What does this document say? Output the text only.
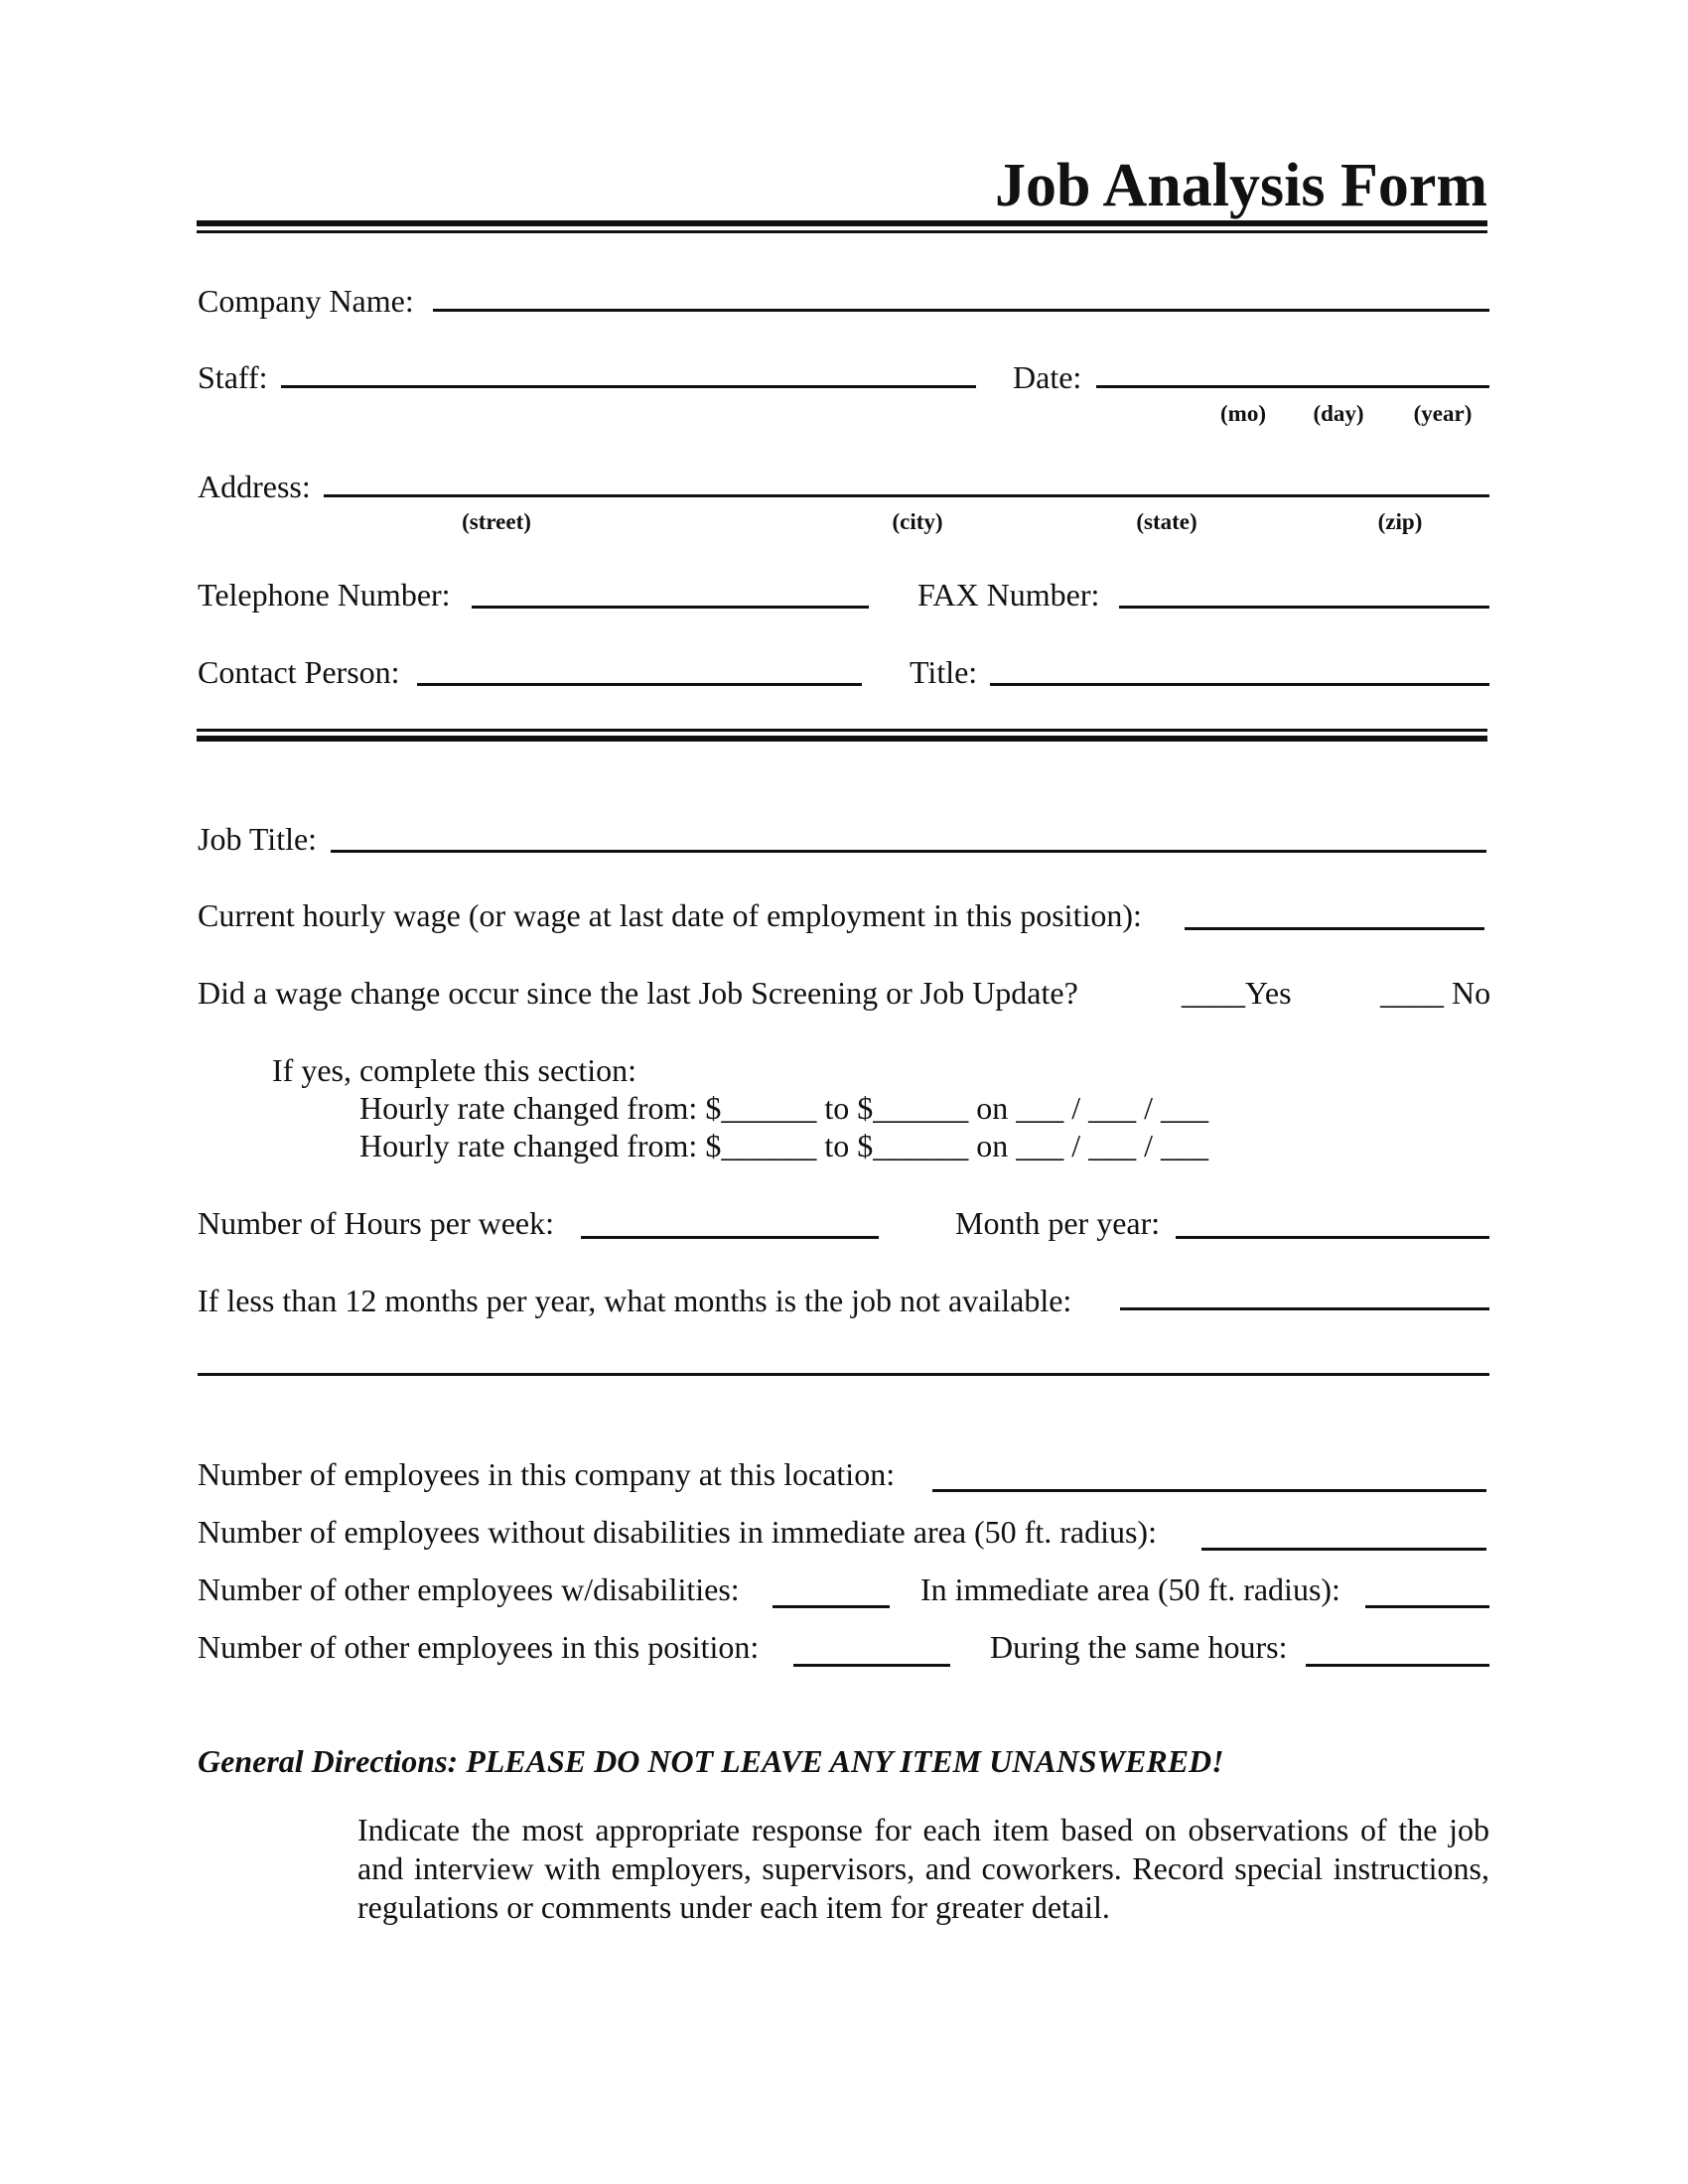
Job Analysis Form
Company Name:
Staff:	Date:
(mo) (day) (year)
Address:
(street)	(city)	(state)	(zip)
Telephone Number:	FAX Number:
Contact Person:	Title:
Job Title:
Current hourly wage (or wage at last date of employment in this position):
Did a wage change occur since the last Job Screening or Job Update?	____Yes	____ No
If yes, complete this section:
Hourly rate changed from: $______ to $______ on ___ / ___ / ___
Hourly rate changed from: $______ to $______ on ___ / ___ / ___
Number of Hours per week:	Month per year:
If less than 12 months per year, what months is the job not available:
Number of employees in this company at this location:
Number of employees without disabilities in immediate area (50 ft. radius):
Number of other employees w/disabilities:	In immediate area (50 ft. radius):
Number of other employees in this position:	During the same hours:
General Directions: PLEASE DO NOT LEAVE ANY ITEM UNANSWERED!
Indicate the most appropriate response for each item based on observations of the job
and interview with employers, supervisors, and coworkers. Record special instructions,
regulations or comments under each item for greater detail.
